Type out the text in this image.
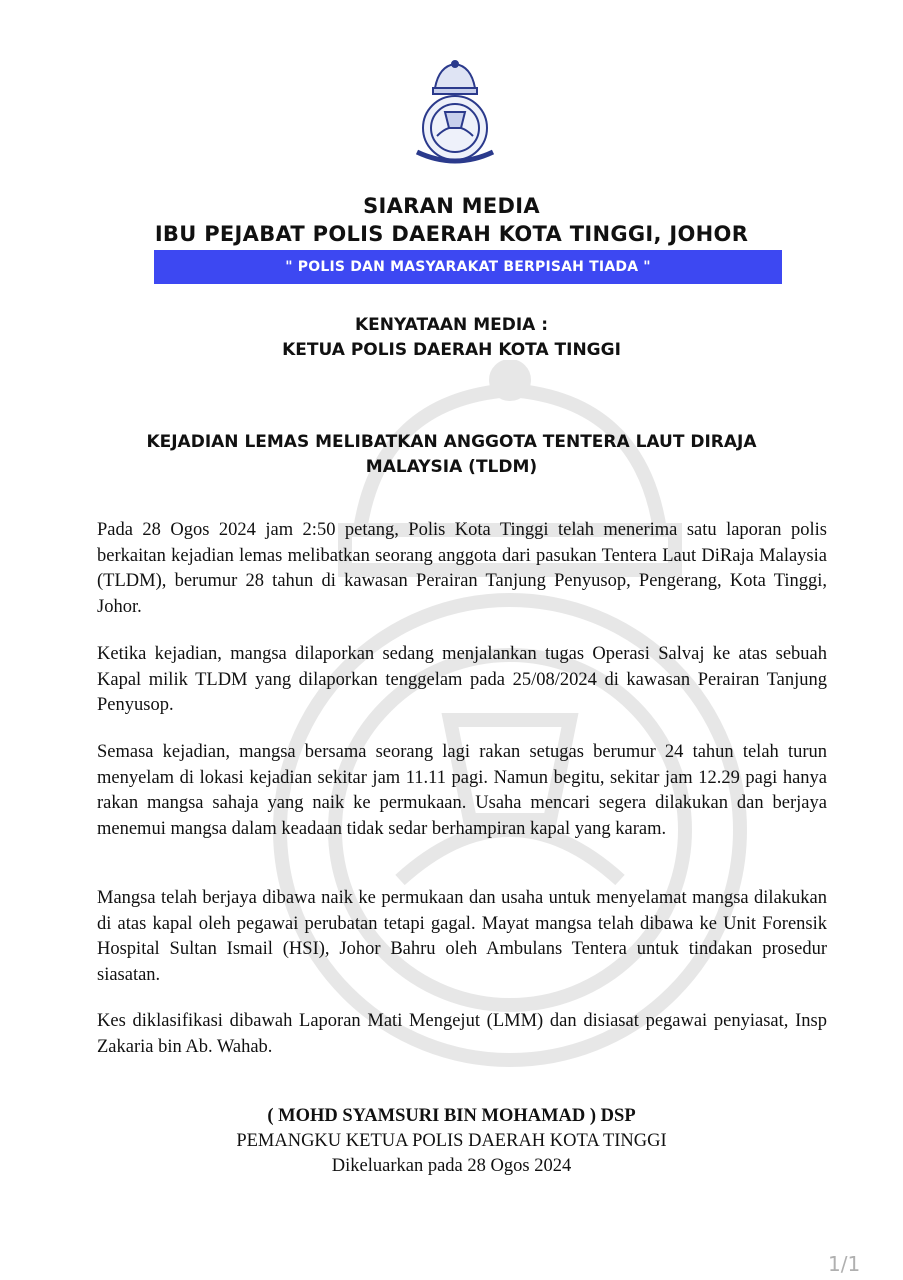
SIARAN MEDIA
IBU PEJABAT POLIS DAERAH KOTA TINGGI, JOHOR
" POLIS DAN MASYARAKAT BERPISAH TIADA "
KENYATAAN MEDIA :
KETUA POLIS DAERAH KOTA TINGGI
KEJADIAN LEMAS MELIBATKAN ANGGOTA TENTERA LAUT DIRAJA
MALAYSIA (TLDM)
Pada 28 Ogos 2024 jam 2:50 petang, Polis Kota Tinggi telah menerima satu laporan polis berkaitan kejadian lemas melibatkan seorang anggota dari pasukan Tentera Laut DiRaja Malaysia (TLDM), berumur 28 tahun di kawasan Perairan Tanjung Penyusop, Pengerang, Kota Tinggi, Johor.
Ketika kejadian, mangsa dilaporkan sedang menjalankan tugas Operasi Salvaj ke atas sebuah Kapal milik TLDM yang dilaporkan tenggelam pada 25/08/2024 di kawasan Perairan Tanjung Penyusop.
Semasa kejadian, mangsa bersama seorang lagi rakan setugas berumur 24 tahun telah turun menyelam di lokasi kejadian sekitar jam 11.11 pagi. Namun begitu, sekitar jam 12.29 pagi hanya rakan mangsa sahaja yang naik ke permukaan. Usaha mencari segera dilakukan dan berjaya menemui mangsa dalam keadaan tidak sedar berhampiran kapal yang karam.
Mangsa telah berjaya dibawa naik ke permukaan dan usaha untuk menyelamat mangsa dilakukan di atas kapal oleh pegawai perubatan tetapi gagal. Mayat mangsa telah dibawa ke Unit Forensik Hospital Sultan Ismail (HSI), Johor Bahru oleh Ambulans Tentera untuk tindakan prosedur siasatan.
Kes diklasifikasi dibawah Laporan Mati Mengejut (LMM) dan disiasat pegawai penyiasat, Insp Zakaria bin Ab. Wahab.
( MOHD SYAMSURI BIN MOHAMAD ) DSP
PEMANGKU KETUA POLIS DAERAH KOTA TINGGI
Dikeluarkan pada 28 Ogos 2024
1/1
